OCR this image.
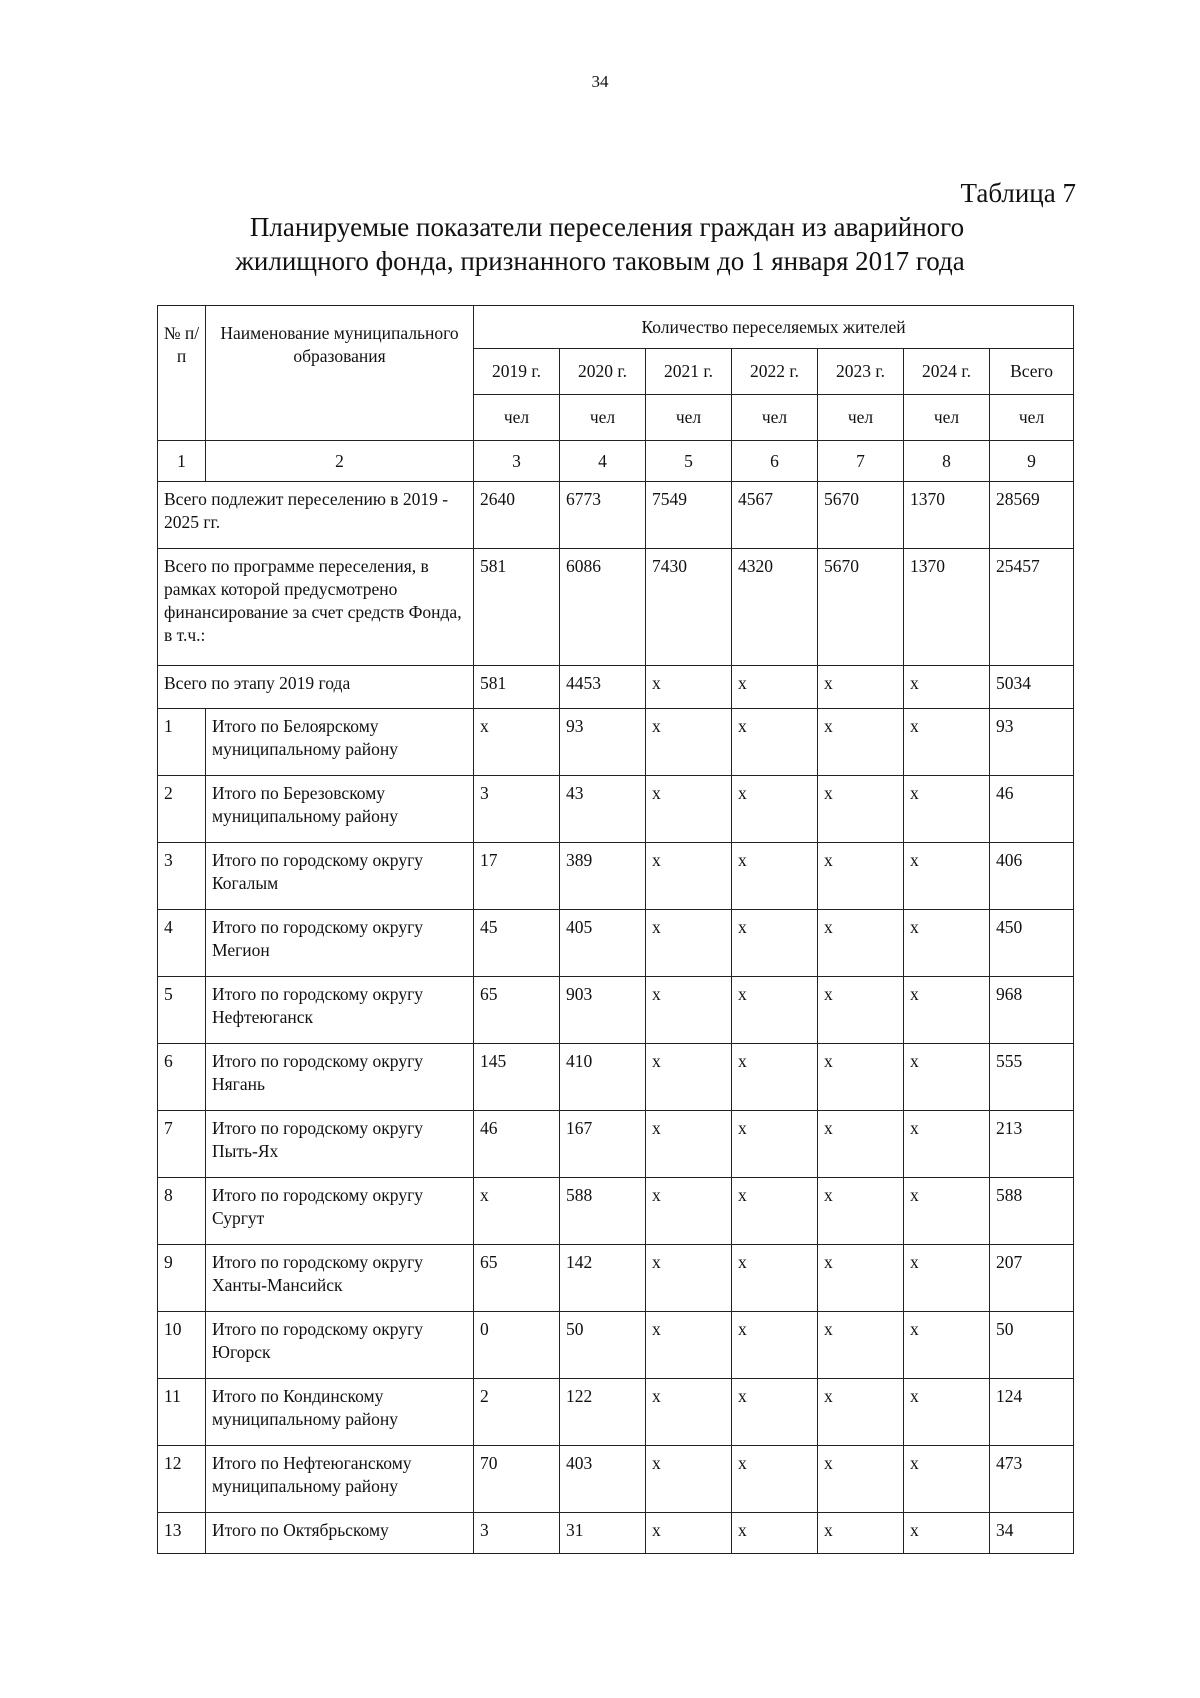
34
Таблица 7
Планируемые показатели переселения граждан из аварийного
жилищного фонда, признанного таковым до 1 января 2017 года
№ п/п	Наименование муниципального образования	Количество переселяемых жителей						
		2019 г.	2020 г.	2021 г.	2022 г.	2023 г.	2024 г.	Всего
		чел	чел	чел	чел	чел	чел	чел
1	2	3	4	5	6	7	8	9
Всего подлежит переселению в 2019 - 2025 гг.		2640	6773	7549	4567	5670	1370	28569
Всего по программе переселения, в рамках которой предусмотрено финансирование за счет средств Фонда, в т.ч.:		581	6086	7430	4320	5670	1370	25457
Всего по этапу 2019 года		581	4453	х	х	х	х	5034
1	Итого по Белоярскому муниципальному району	х	93	х	х	х	х	93
2	Итого по Березовскому муниципальному району	3	43	х	х	х	х	46
3	Итого по городскому округу Когалым	17	389	х	х	х	х	406
4	Итого по городскому округу Мегион	45	405	х	х	х	х	450
5	Итого по городскому округу Нефтеюганск	65	903	х	х	х	х	968
6	Итого по городскому округу Нягань	145	410	х	х	х	х	555
7	Итого по городскому округу Пыть-Ях	46	167	х	х	х	х	213
8	Итого по городскому округу Сургут	х	588	х	х	х	х	588
9	Итого по городскому округу Ханты-Мансийск	65	142	х	х	х	х	207
10	Итого по городскому округу Югорск	0	50	х	х	х	х	50
11	Итого по Кондинскому муниципальному району	2	122	х	х	х	х	124
12	Итого по Нефтеюганскому муниципальному району	70	403	х	х	х	х	473
13	Итого по Октябрьскому	3	31	х	х	х	х	34
